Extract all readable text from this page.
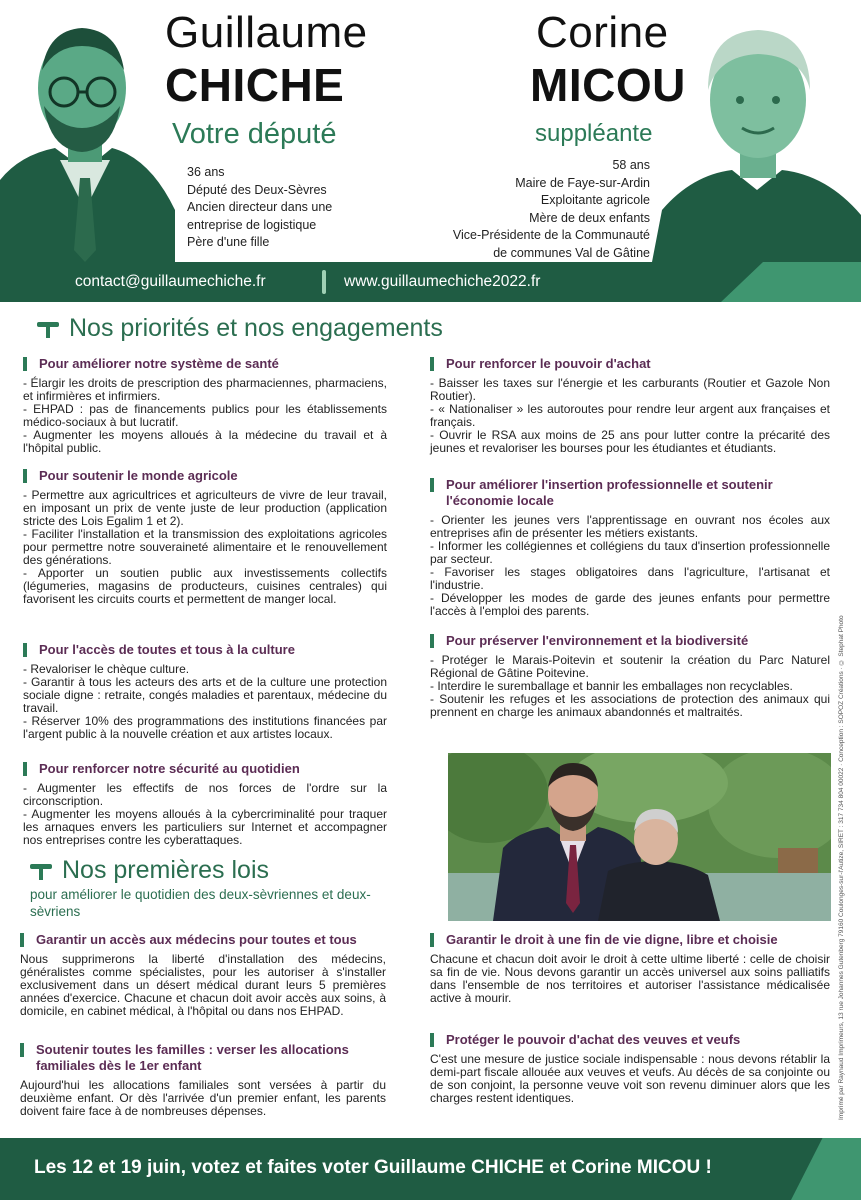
Guillaume
CHICHE
Votre député
36 ans
Député des Deux-Sèvres
Ancien directeur dans une
entreprise de logistique
Père d'une fille
Corine
MICOU
suppléante
58 ans
Maire de Faye-sur-Ardin
Exploitante agricole
Mère de deux enfants
Vice-Présidente de la Communauté
de communes Val de Gâtine
contact@guillaumechiche.fr	www.guillaumechiche2022.fr
Nos priorités et nos engagements
Pour améliorer notre système de santé

- Élargir les droits de prescription des pharmaciennes, pharmaciens, et infirmières et infirmiers.

- EHPAD : pas de financements publics pour les établissements médico-sociaux à but lucratif.

- Augmenter les moyens alloués à la médecine du travail et à l'hôpital public.

Pour soutenir le monde agricole

- Permettre aux agricultrices et agriculteurs de vivre de leur travail, en imposant un prix de vente juste de leur production (application stricte des Lois Egalim 1 et 2).

- Faciliter l'installation et la transmission des exploitations agricoles pour permettre notre souveraineté alimentaire et le renouvellement des générations.

- Apporter un soutien public aux investissements collectifs (légumeries, magasins de producteurs, cuisines centrales) qui favorisent les circuits courts et permettent de manger local.

Pour l'accès de toutes et tous à la culture

- Revaloriser le chèque culture.

- Garantir à tous les acteurs des arts et de la culture une protection sociale digne : retraite, congés maladies et parentaux, médecine du travail.

- Réserver 10% des programmations des institutions financées par l'argent public à la nouvelle création et aux artistes locaux.

Pour renforcer notre sécurité au quotidien

- Augmenter les effectifs de nos forces de l'ordre sur la circonscription.

- Augmenter les moyens alloués à la cybercriminalité pour traquer les arnaques envers les particuliers sur Internet et accompagner nos entreprises contre les cyberattaques.

Pour renforcer le pouvoir d'achat

- Baisser les taxes sur l'énergie et les carburants (Routier et Gazole Non Routier).

- « Nationaliser » les autoroutes pour rendre leur argent aux françaises et français.

- Ouvrir le RSA aux moins de 25 ans pour lutter contre la précarité des jeunes et revaloriser les bourses pour les étudiantes et étudiants.

Pour améliorer l'insertion professionnelle et soutenir l'économie locale

- Orienter les jeunes vers l'apprentissage en ouvrant nos écoles aux entreprises afin de présenter les métiers existants.

- Informer les collégiennes et collégiens du taux d'insertion professionnelle par secteur.

- Favoriser les stages obligatoires dans l'agriculture, l'artisanat et l'industrie.

- Développer les modes de garde des jeunes enfants pour permettre l'accès à l'emploi des parents.

Pour préserver l'environnement et la biodiversité

- Protéger le Marais-Poitevin et soutenir la création du Parc Naturel Régional de Gâtine Poitevine.

- Interdire le suremballage et bannir les emballages non recyclables.

- Soutenir les refuges et les associations de protection des animaux qui prennent en charge les animaux abandonnés et maltraités.

Nos premières lois
pour améliorer le quotidien des deux-sèvriennes et deux-sèvriens
Garantir un accès aux médecins pour toutes et tous
Nous supprimerons la liberté d'installation des médecins, généralistes comme spécialistes, pour les autoriser à s'installer exclusivement dans un désert médical durant leurs 5 premières années d'exercice. Chacune et chacun doit avoir accès aux soins, à domicile, en cabinet médical, à l'hôpital ou dans nos EHPAD.
Soutenir toutes les familles : verser les allocations familiales dès le 1er enfant
Aujourd'hui les allocations familiales sont versées à partir du deuxième enfant. Or dès l'arrivée d'un premier enfant, les parents doivent faire face à de nombreuses dépenses.
Garantir le droit à une fin de vie digne, libre et choisie
Chacune et chacun doit avoir le droit à cette ultime liberté : celle de choisir sa fin de vie. Nous devons garantir un accès universel aux soins palliatifs dans l'ensemble de nos territoires et autoriser l'assistance médicalisée active à mourir.
Protéger le pouvoir d'achat des veuves et veufs
C'est une mesure de justice sociale indispensable : nous devons rétablir la demi-part fiscale allouée aux veuves et veufs. Au décès de sa conjointe ou de son conjoint, la personne veuve voit son revenu diminuer alors que les charges restent identiques.	Imprimé par Raynaud Imprimeurs, 13 rue Johannes Gutenberg 79160 Coulonges-sur-l'Autize, SIRET : 317 734 804 00022 · Conception : SOPOZ Créations · © Stephat Photo
Les 12 et 19 juin, votez et faites voter Guillaume CHICHE et Corine MICOU !
